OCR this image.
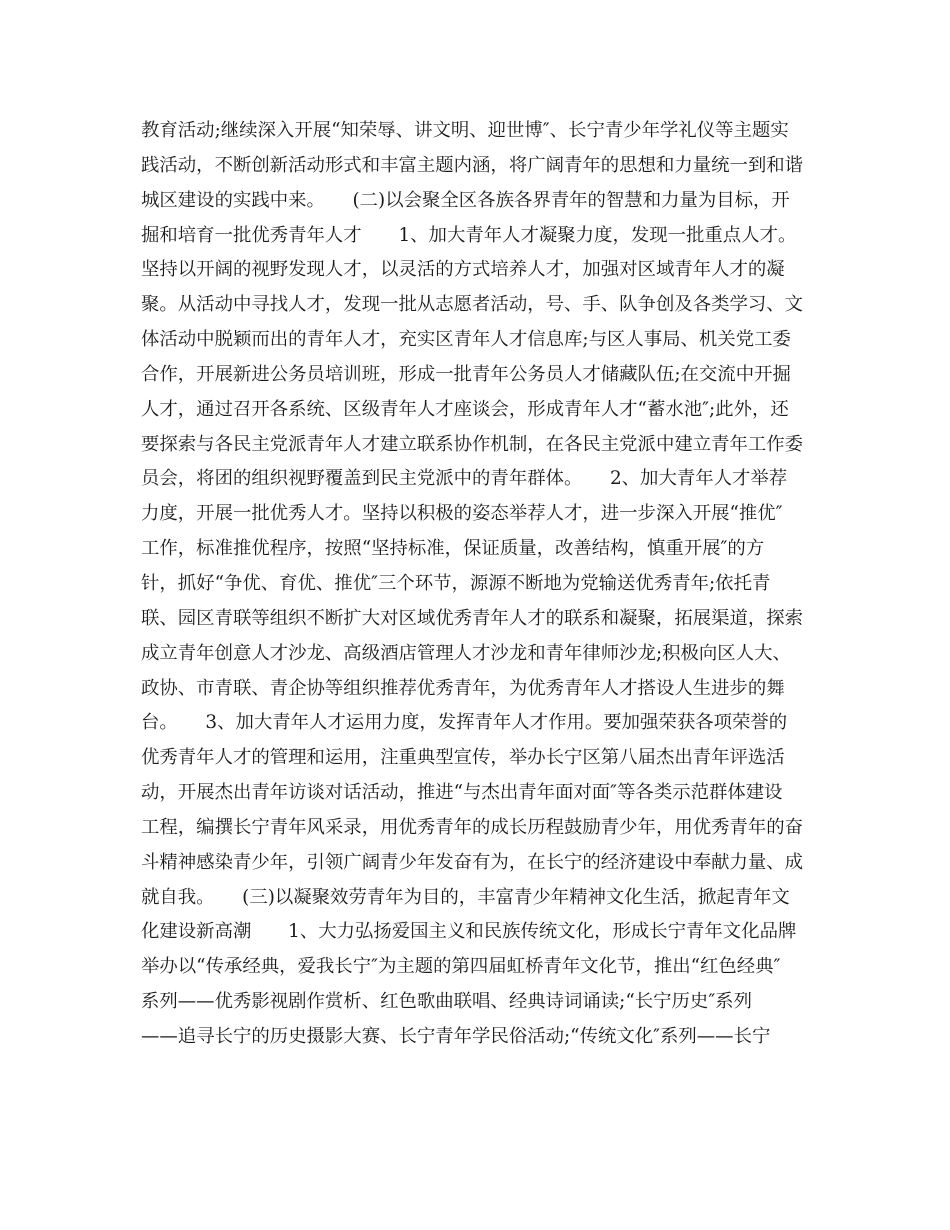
教育活动;继续深入开展“知荣辱、讲文明、迎世博″、长宁青少年学礼仪等主题实
践活动，不断创新活动形式和丰富主题内涵，将广阔青年的思想和力量统一到和谐
城区建设的实践中来。　　(二)以会聚全区各族各界青年的智慧和力量为目标，开
掘和培育一批优秀青年人才　　1、加大青年人才凝聚力度，发现一批重点人才。
坚持以开阔的视野发现人才，以灵活的方式培养人才，加强对区域青年人才的凝
聚。从活动中寻找人才，发现一批从志愿者活动，号、手、队争创及各类学习、文
体活动中脱颖而出的青年人才，充实区青年人才信息库;与区人事局、机关党工委
合作，开展新进公务员培训班，形成一批青年公务员人才储藏队伍;在交流中开掘
人才，通过召开各系统、区级青年人才座谈会，形成青年人才“蓄水池″;此外，还
要探索与各民主党派青年人才建立联系协作机制，在各民主党派中建立青年工作委
员会，将团的组织视野覆盖到民主党派中的青年群体。　　2、加大青年人才举荐
力度，开展一批优秀人才。坚持以积极的姿态举荐人才，进一步深入开展“推优″
工作，标准推优程序，按照“坚持标准，保证质量，改善结构，慎重开展″的方
针，抓好“争优、育优、推优″三个环节，源源不断地为党输送优秀青年;依托青
联、园区青联等组织不断扩大对区域优秀青年人才的联系和凝聚，拓展渠道，探索
成立青年创意人才沙龙、高级酒店管理人才沙龙和青年律师沙龙;积极向区人大、
政协、市青联、青企协等组织推荐优秀青年，为优秀青年人才搭设人生进步的舞
台。　　3、加大青年人才运用力度，发挥青年人才作用。要加强荣获各项荣誉的
优秀青年人才的管理和运用，注重典型宣传，举办长宁区第八届杰出青年评选活
动，开展杰出青年访谈对话活动，推进“与杰出青年面对面″等各类示范群体建设
工程，编撰长宁青年风采录，用优秀青年的成长历程鼓励青少年，用优秀青年的奋
斗精神感染青少年，引领广阔青少年发奋有为，在长宁的经济建设中奉献力量、成
就自我。　　(三)以凝聚效劳青年为目的，丰富青少年精神文化生活，掀起青年文
化建设新高潮　　1、大力弘扬爱国主义和民族传统文化，形成长宁青年文化品牌
举办以“传承经典，爱我长宁″为主题的第四届虹桥青年文化节，推出“红色经典″
系列——优秀影视剧作赏析、红色歌曲联唱、经典诗词诵读;“长宁历史″系列
——追寻长宁的历史摄影大赛、长宁青年学民俗活动;“传统文化″系列——长宁
